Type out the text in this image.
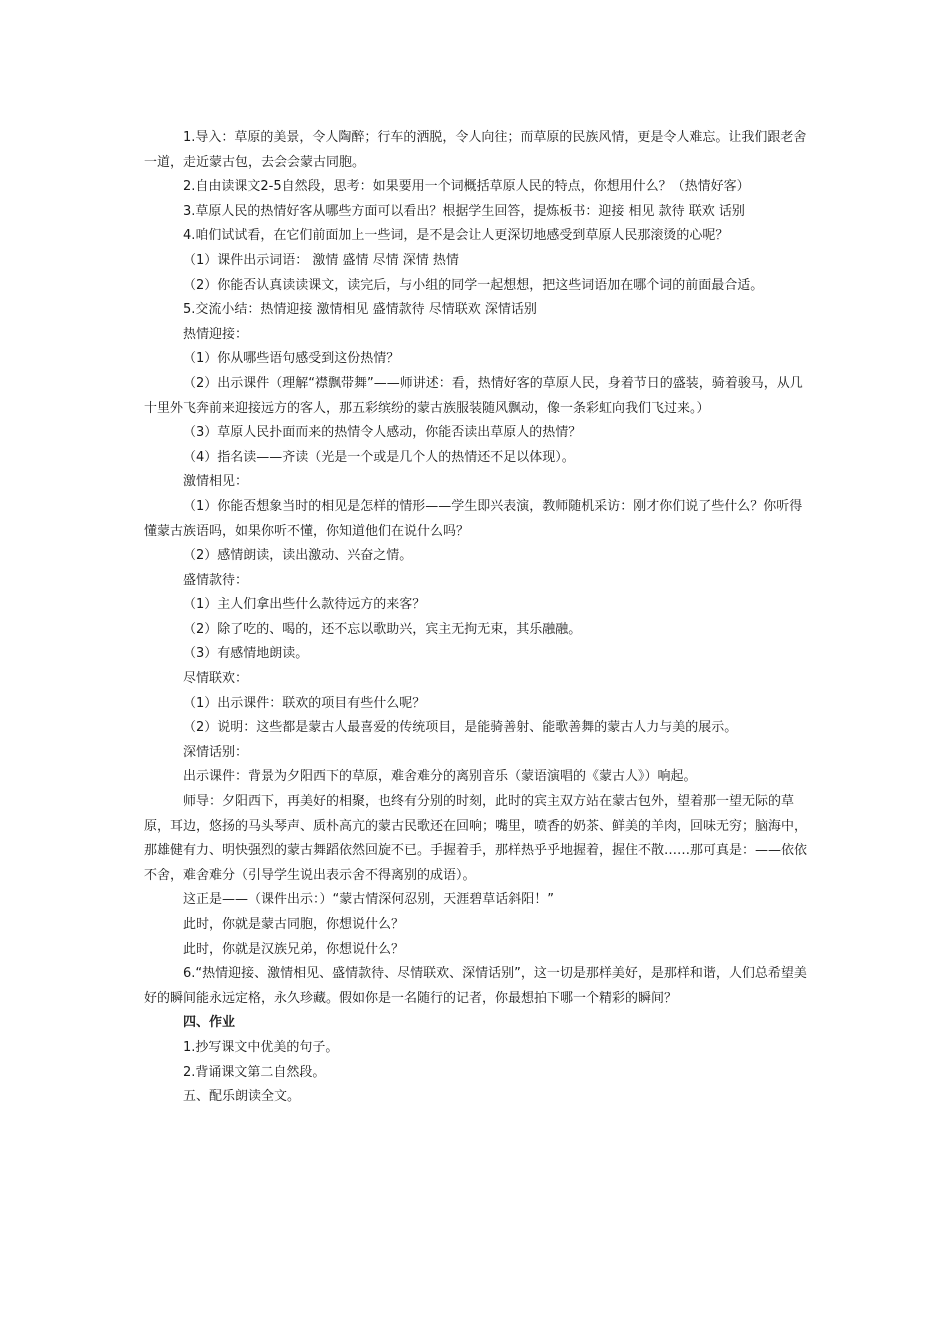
1.导入：草原的美景，令人陶醉；行车的洒脱，令人向往；而草原的民族风情，更是令人难忘。让我们跟老舍一道，走近蒙古包，去会会蒙古同胞。

2.自由读课文2-5自然段，思考：如果要用一个词概括草原人民的特点，你想用什么？（热情好客）

3.草原人民的热情好客从哪些方面可以看出？根据学生回答，提炼板书：迎接 相见 款待 联欢 话别

4.咱们试试看，在它们前面加上一些词，是不是会让人更深切地感受到草原人民那滚烫的心呢？

（1）课件出示词语： 激情 盛情 尽情 深情 热情

（2）你能否认真读读课文，读完后，与小组的同学一起想想，把这些词语加在哪个词的前面最合适。

5.交流小结：热情迎接 激情相见 盛情款待 尽情联欢 深情话别

热情迎接：

（1）你从哪些语句感受到这份热情？

（2）出示课件（理解“襟飘带舞”——师讲述：看，热情好客的草原人民，身着节日的盛装，骑着骏马，从几十里外飞奔前来迎接远方的客人，那五彩缤纷的蒙古族服装随风飘动，像一条彩虹向我们飞过来。）

（3）草原人民扑面而来的热情令人感动，你能否读出草原人的热情？

（4）指名读——齐读（光是一个或是几个人的热情还不足以体现）。

激情相见：

（1）你能否想象当时的相见是怎样的情形——学生即兴表演，教师随机采访：刚才你们说了些什么？你听得懂蒙古族语吗，如果你听不懂，你知道他们在说什么吗？

（2）感情朗读，读出激动、兴奋之情。

盛情款待：

（1）主人们拿出些什么款待远方的来客？

（2）除了吃的、喝的，还不忘以歌助兴，宾主无拘无束，其乐融融。

（3）有感情地朗读。

尽情联欢：

（1）出示课件：联欢的项目有些什么呢？

（2）说明：这些都是蒙古人最喜爱的传统项目，是能骑善射、能歌善舞的蒙古人力与美的展示。

深情话别：

出示课件：背景为夕阳西下的草原，难舍难分的离别音乐（蒙语演唱的《蒙古人》）响起。

师导：夕阳西下，再美好的相聚，也终有分别的时刻，此时的宾主双方站在蒙古包外，望着那一望无际的草原，耳边，悠扬的马头琴声、质朴高亢的蒙古民歌还在回响；嘴里，喷香的奶茶、鲜美的羊肉，回味无穷；脑海中，那雄健有力、明快强烈的蒙古舞蹈依然回旋不已。手握着手，那样热乎乎地握着，握住不散……那可真是：——依依不舍，难舍难分（引导学生说出表示舍不得离别的成语）。

这正是——（课件出示：）“蒙古情深何忍别，天涯碧草话斜阳！”

此时，你就是蒙古同胞，你想说什么？

此时，你就是汉族兄弟，你想说什么？

6.“热情迎接、激情相见、盛情款待、尽情联欢、深情话别”，这一切是那样美好，是那样和谐，人们总希望美好的瞬间能永远定格，永久珍藏。假如你是一名随行的记者，你最想拍下哪一个精彩的瞬间？

四、作业

1.抄写课文中优美的句子。

2.背诵课文第二自然段。

五、配乐朗读全文。
